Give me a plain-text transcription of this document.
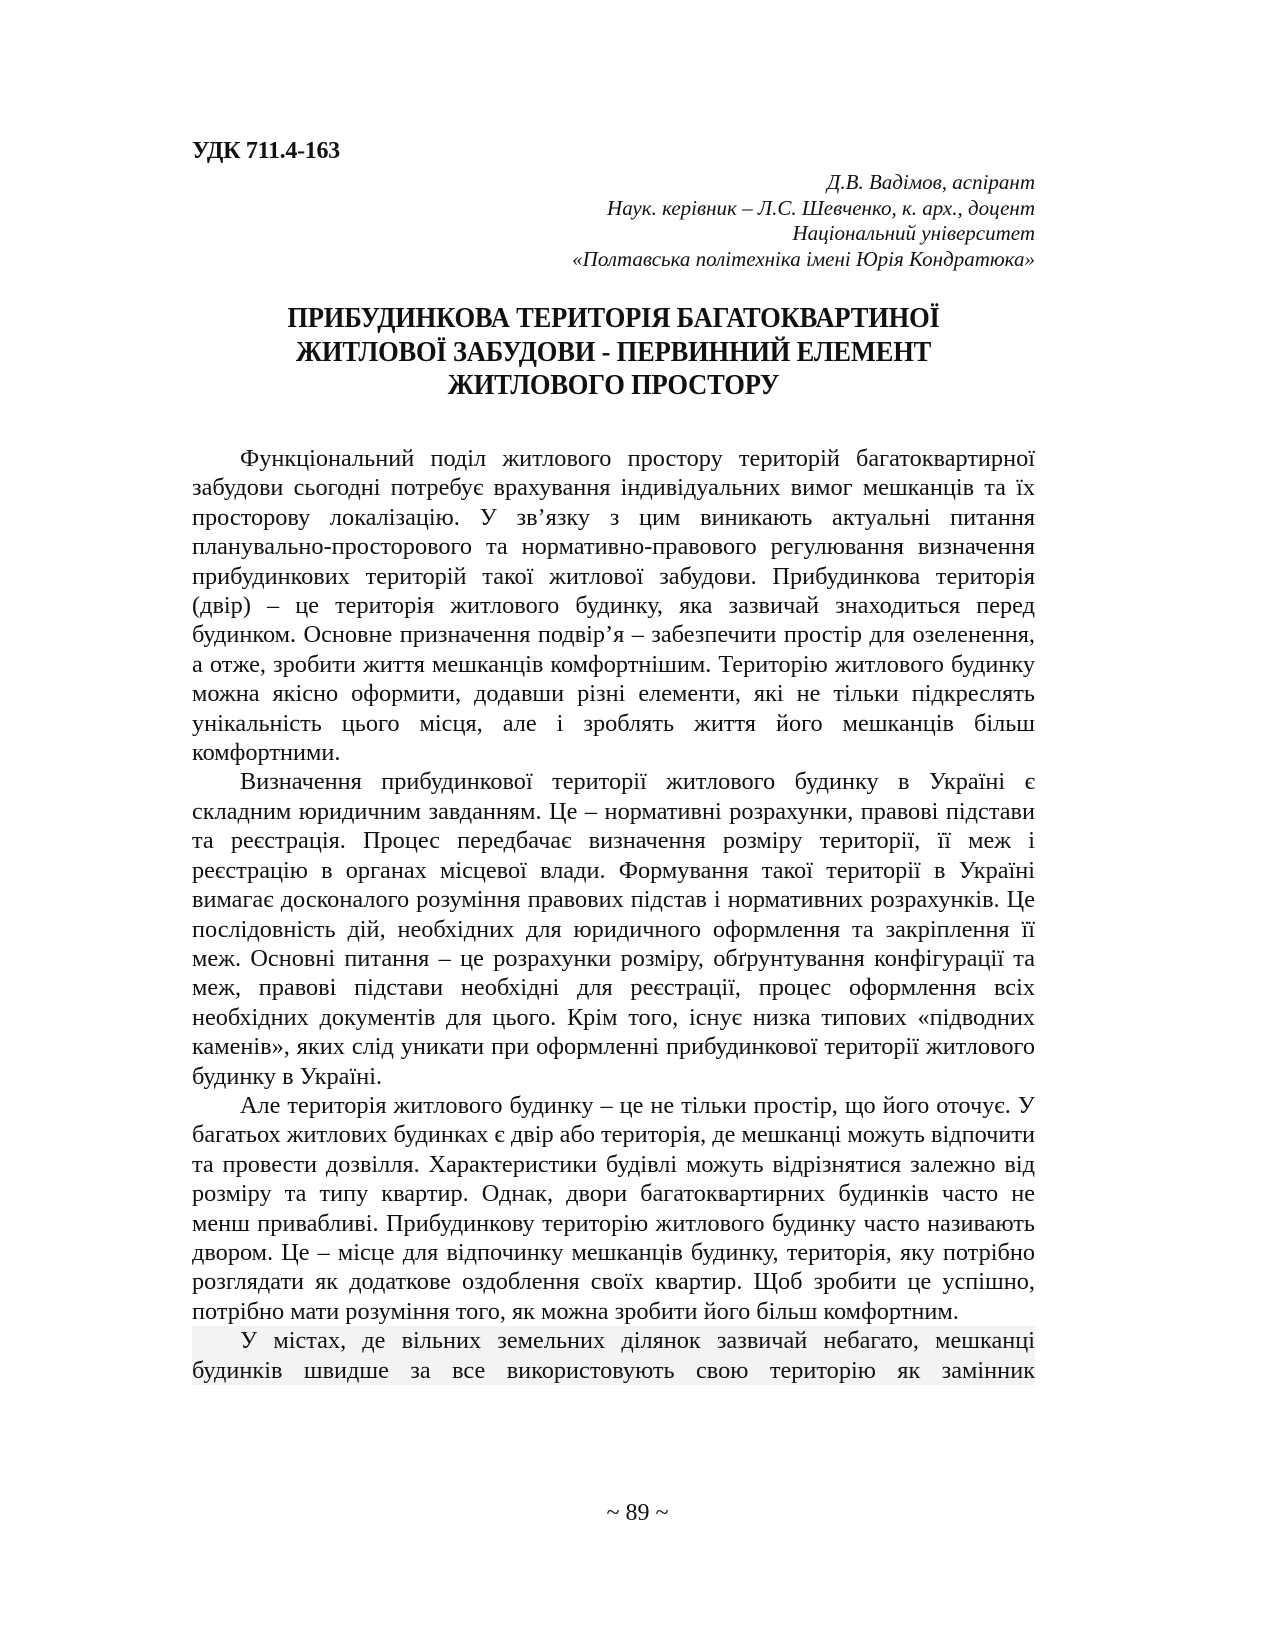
УДК 711.4-163
Д.В. Вадімов, аспірант
Наук. керівник – Л.С. Шевченко, к. арх., доцент
Національний університет
«Полтавська політехніка імені Юрія Кондратюка»
ПРИБУДИНКОВА ТЕРИТОРІЯ БАГАТОКВАРТИНОЇ
ЖИТЛОВОЇ ЗАБУДОВИ - ПЕРВИННИЙ ЕЛЕМЕНТ
ЖИТЛОВОГО ПРОСТОРУ

Функціональний поділ житлового простору територій багатоквартирної забудови сьогодні потребує врахування індивідуальних вимог мешканців та їх просторову локалізацію. У зв’язку з цим виникають актуальні питання планувально-просторового та нормативно-правового регулювання визначення прибудинкових територій такої житлової забудови. Прибудинкова територія (двір) – це територія житлового будинку, яка зазвичай знаходиться перед будинком. Основне призначення подвір’я – забезпечити простір для озеленення, а отже, зробити життя мешканців комфортнішим. Територію житлового будинку можна якісно оформити, додавши різні елементи, які не тільки підкреслять унікальність цього місця, але і зроблять життя його мешканців більш комфортними.

Визначення прибудинкової території житлового будинку в Україні є складним юридичним завданням. Це – нормативні розрахунки, правові підстави та реєстрація. Процес передбачає визначення розміру території, її меж і реєстрацію в органах місцевої влади. Формування такої території в Україні вимагає досконалого розуміння правових підстав і нормативних розрахунків. Це послідовність дій, необхідних для юридичного оформлення та закріплення її меж. Основні питання – це розрахунки розміру, обґрунтування конфігурації та меж, правові підстави необхідні для реєстрації, процес оформлення всіх необхідних документів для цього. Крім того, існує низка типових «підводних каменів», яких слід уникати при оформленні прибудинкової території житлового будинку в Україні.

Але територія житлового будинку – це не тільки простір, що його оточує. У багатьох житлових будинках є двір або територія, де мешканці можуть відпочити та провести дозвілля. Характеристики будівлі можуть відрізнятися залежно від розміру та типу квартир. Однак, двори багатоквартирних будинків часто не менш привабливі. Прибудинкову територію житлового будинку часто називають двором. Це – місце для відпочинку мешканців будинку, територія, яку потрібно розглядати як додаткове оздоблення своїх квартир. Щоб зробити це успішно, потрібно мати розуміння того, як можна зробити його більш комфортним.

У містах, де вільних земельних ділянок зазвичай небагато, мешканці будинків швидше за все використовують свою територію як замінник

~ 89 ~
